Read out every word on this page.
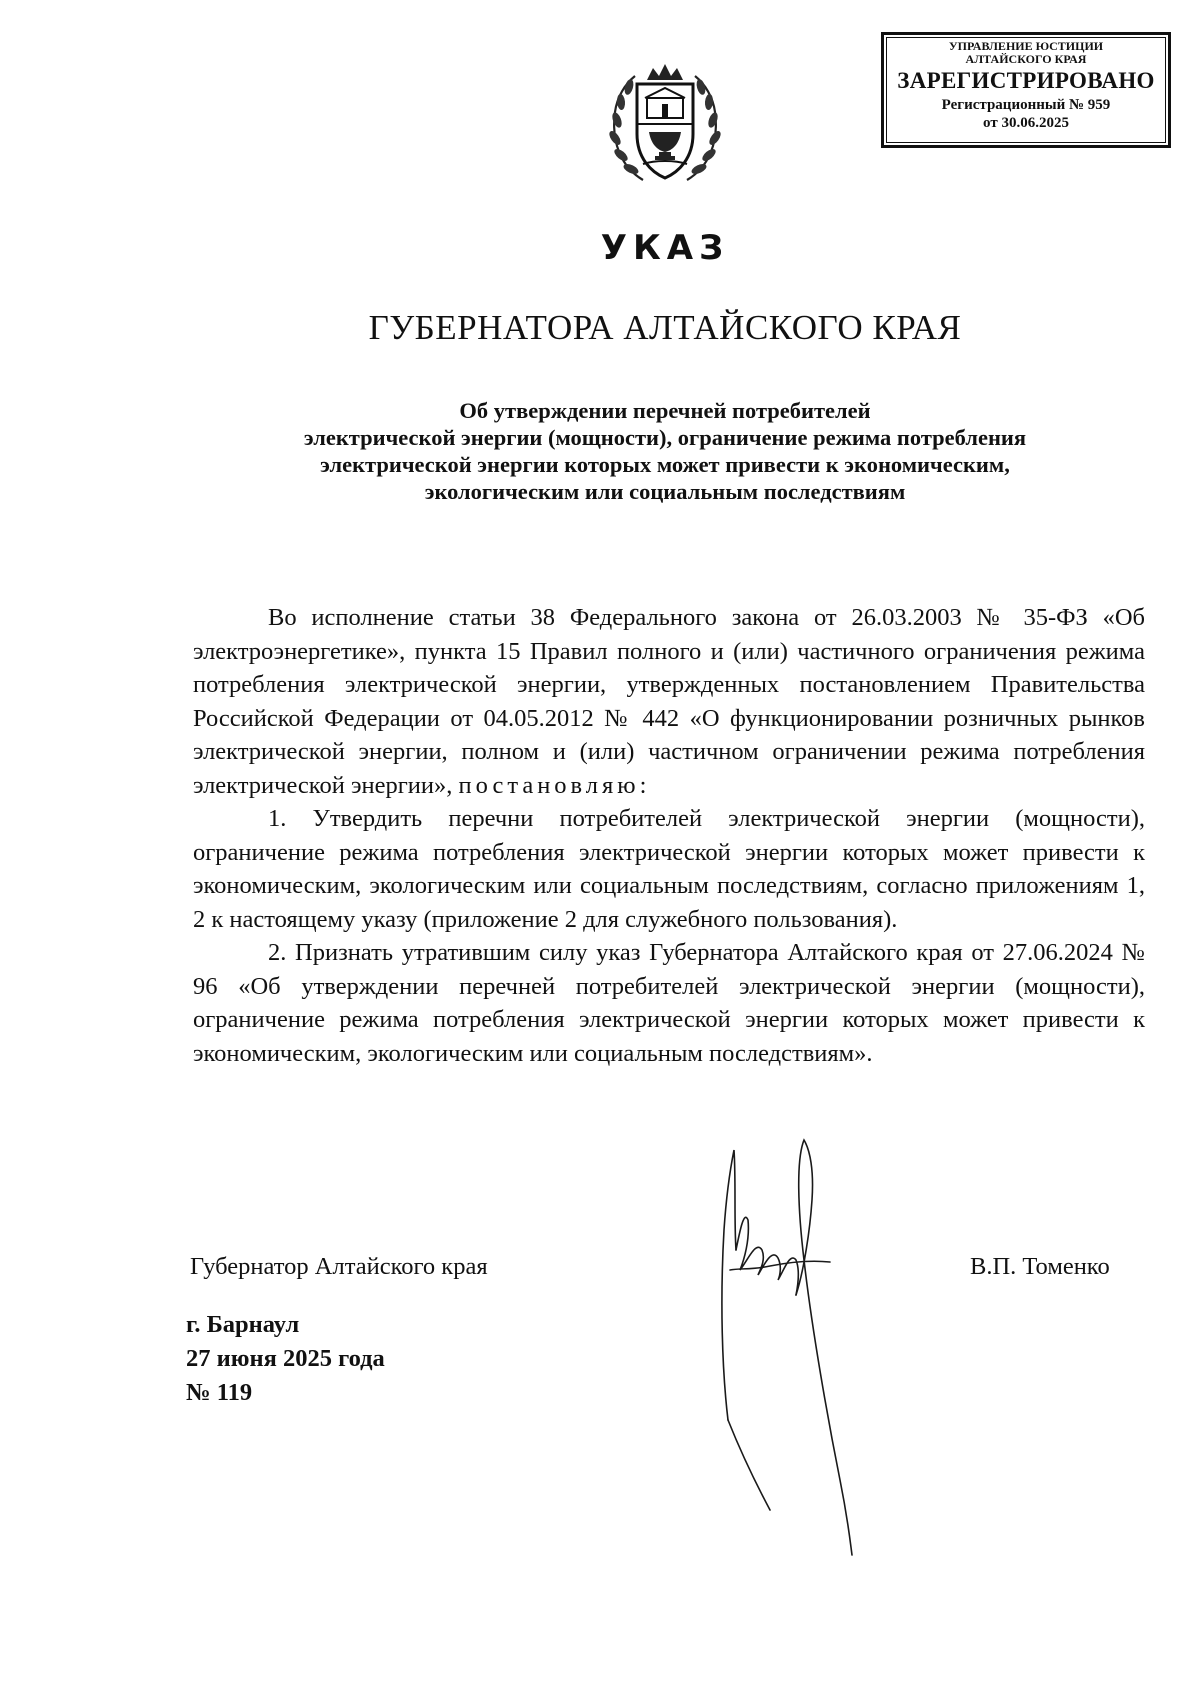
УПРАВЛЕНИЕ ЮСТИЦИИ
АЛТАЙСКОГО КРАЯ
ЗАРЕГИСТРИРОВАНО
Регистрационный № 959
от 30.06.2025
УКАЗ
ГУБЕРНАТОРА АЛТАЙСКОГО КРАЯ
Об утверждении перечней потребителей
электрической энергии (мощности), ограничение режима потребления
электрической энергии которых может привести к экономическим,
экологическим или социальным последствиям

Во исполнение статьи 38 Федерального закона от 26.03.2003 № 35-ФЗ «Об электроэнергетике», пункта 15 Правил полного и (или) частичного ограничения режима потребления электрической энергии, утвержденных постановлением Правительства Российской Федерации от 04.05.2012 № 442 «О функционировании розничных рынков электрической энергии, полном и (или) частичном ограничении режима потребления электрической энергии», постановляю:

1. Утвердить перечни потребителей электрической энергии (мощности), ограничение режима потребления электрической энергии которых может привести к экономическим, экологическим или социальным последствиям, согласно приложениям 1, 2 к настоящему указу (приложение 2 для служебного пользования).

2. Признать утратившим силу указ Губернатора Алтайского края от 27.06.2024 № 96 «Об утверждении перечней потребителей электрической энергии (мощности), ограничение режима потребления электрической энергии которых может привести к экономическим, экологическим или социальным последствиям».

Губернатор Алтайского края	В.П. Томенко
г. Барнаул
27 июня 2025 года
№ 119
